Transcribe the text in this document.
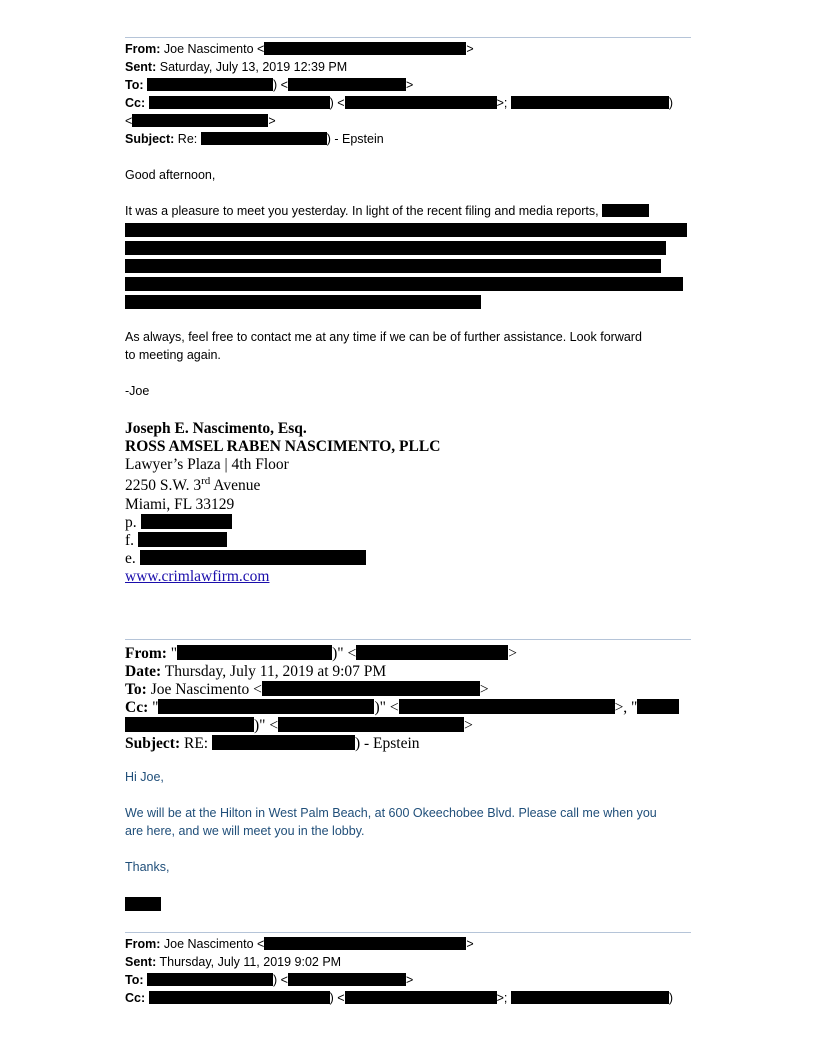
From: Joe Nascimento <	>
Sent: Saturday, July 13, 2019 12:39 PM
To:	) <	>
Cc:	) <	>;	)
<	>
Subject: Re:	) - Epstein
Good afternoon,
It was a pleasure to meet you yesterday. In light of the recent filing and media reports,
As always, feel free to contact me at any time if we can be of further assistance. Look forward
to meeting again.
-Joe
Joseph E. Nascimento, Esq.
ROSS AMSEL RABEN NASCIMENTO, PLLC
Lawyer’s Plaza | 4th Floor
2250 S.W. 3rd Avenue
Miami, FL 33129
p.
f.
e.
www.crimlawfirm.com
From: "	)" <	>
Date: Thursday, July 11, 2019 at 9:07 PM
To: Joe Nascimento <	>
Cc: "	)" <	>, "
)" <	>
Subject: RE:	) - Epstein
Hi Joe,
We will be at the Hilton in West Palm Beach, at 600 Okeechobee Blvd. Please call me when you
are here, and we will meet you in the lobby.
Thanks,
From: Joe Nascimento <	>
Sent: Thursday, July 11, 2019 9:02 PM
To:	) <	>
Cc:	) <	>;	)
